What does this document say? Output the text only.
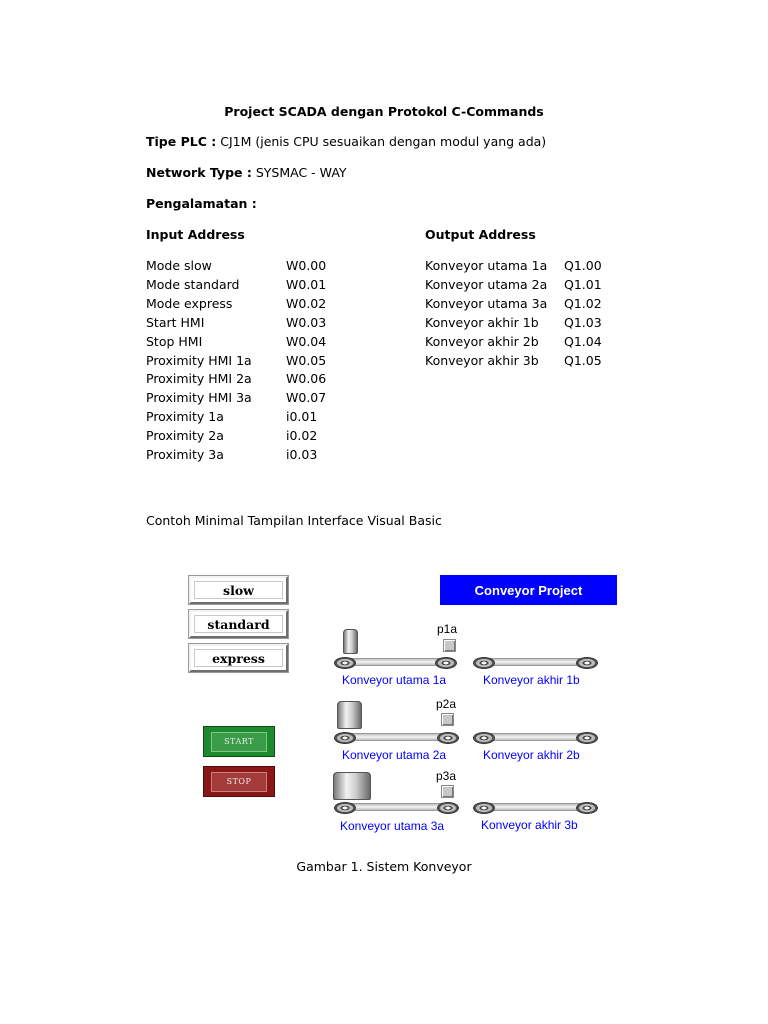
Project SCADA dengan Protokol C-Commands
Tipe PLC : CJ1M (jenis CPU sesuaikan dengan modul yang ada)
Network Type : SYSMAC - WAY
Pengalamatan :
Input Address	Output Address
Mode slow	W0.00
Mode standard	W0.01
Mode express	W0.02
Start HMI	W0.03
Stop HMI	W0.04
Proximity HMI 1a	W0.05
Proximity HMI 2a	W0.06
Proximity HMI 3a	W0.07
Proximity 1a	i0.01
Proximity 2a	i0.02
Proximity 3a	i0.03
Konveyor utama 1a Q1.00
Konveyor utama 2a Q1.01
Konveyor utama 3a Q1.02
Konveyor akhir 1b Q1.03
Konveyor akhir 2b Q1.04
Konveyor akhir 3b Q1.05
Contoh Minimal Tampilan Interface Visual Basic
Gambar 1. Sistem Konveyor
slow
standard
express
START
STOP
Conveyor Project
p1a
Konveyor utama 1a	Konveyor akhir 1b
p2a
Konveyor utama 2a	Konveyor akhir 2b
p3a
Konveyor utama 3a	Konveyor akhir 3b
